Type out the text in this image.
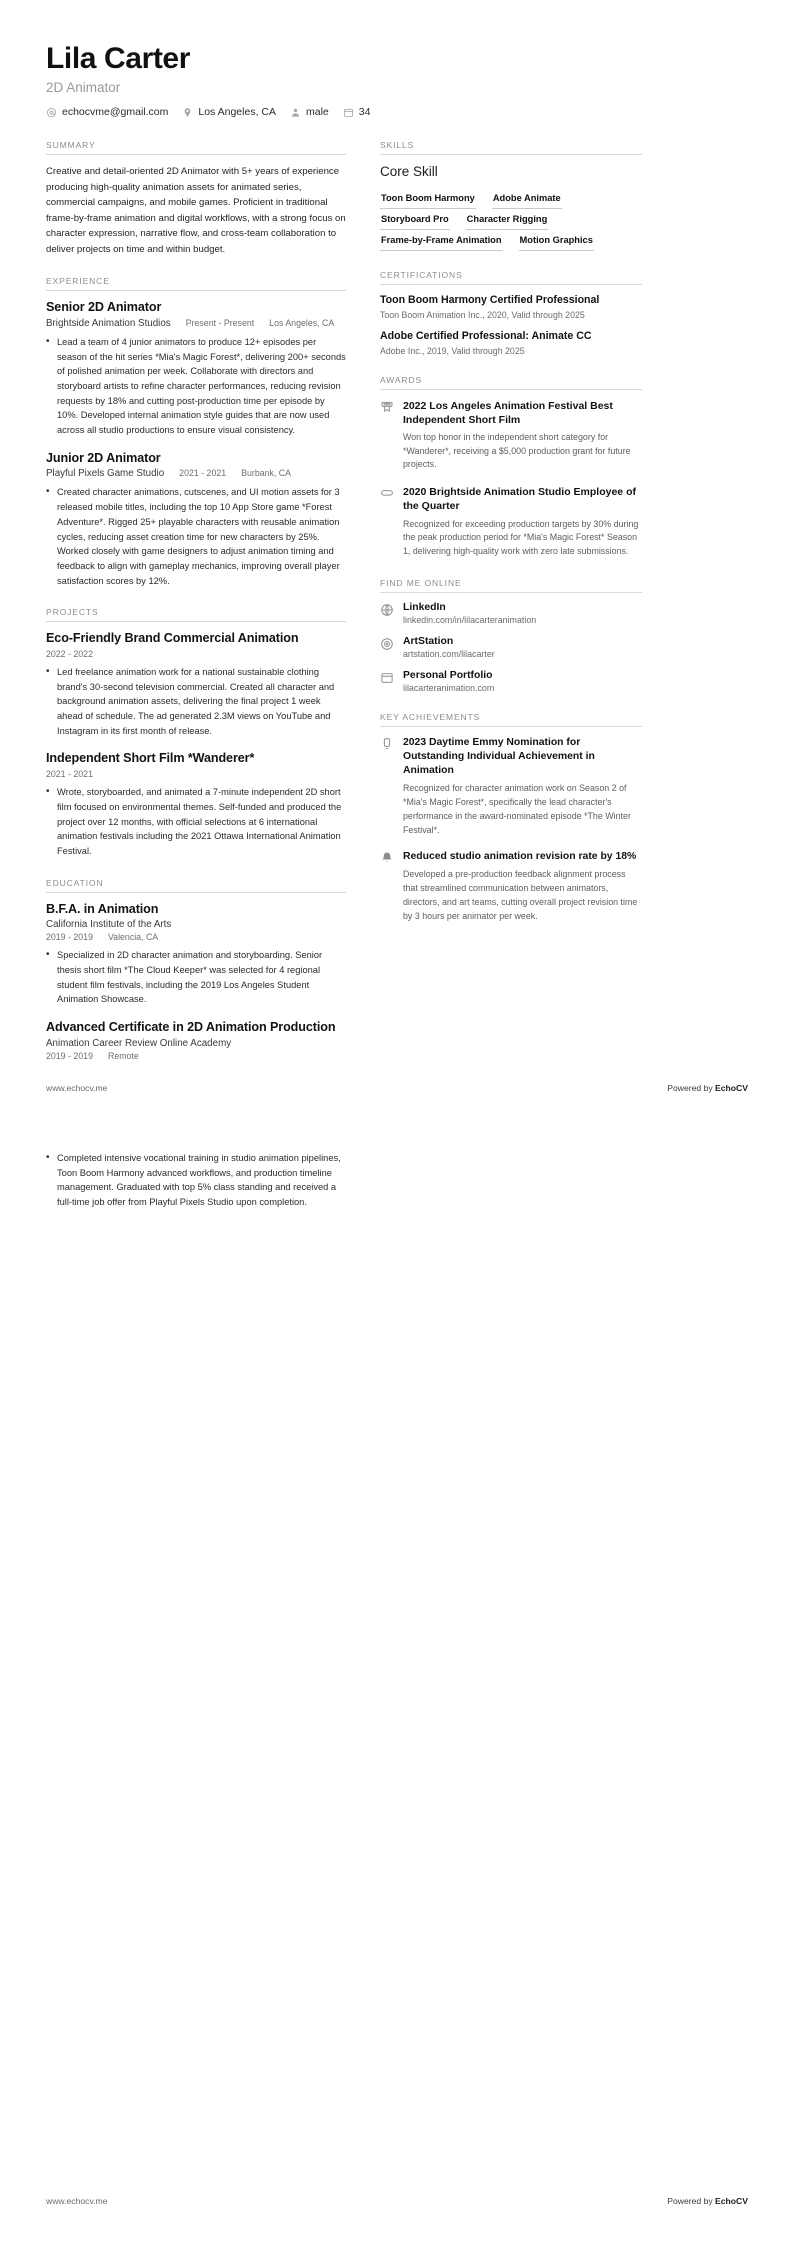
Lila Carter
2D Animator
echocvme@gmail.com	Los Angeles, CA	male	34
SUMMARY
Creative and detail-oriented 2D Animator with 5+ years of experience producing high-quality animation assets for animated series, commercial campaigns, and mobile games. Proficient in traditional frame-by-frame animation and digital workflows, with a strong focus on character expression, narrative flow, and cross-team collaboration to deliver projects on time and within budget.
EXPERIENCE
Senior 2D Animator
Brightside Animation Studios Present - Present Los Angeles, CA
• Lead a team of 4 junior animators to produce 12+ episodes per season of the hit series *Mia's Magic Forest*, delivering 200+ seconds of polished animation per week. Collaborate with directors and storyboard artists to refine character performances, reducing revision requests by 18% and cutting post-production time per episode by 10%. Developed internal animation style guides that are now used across all studio productions to ensure visual consistency.
Junior 2D Animator
Playful Pixels Game Studio 2021 - 2021 Burbank, CA
• Created character animations, cutscenes, and UI motion assets for 3 released mobile titles, including the top 10 App Store game *Forest Adventure*. Rigged 25+ playable characters with reusable animation cycles, reducing asset creation time for new characters by 25%. Worked closely with game designers to adjust animation timing and feedback to align with gameplay mechanics, improving overall player satisfaction scores by 12%.
PROJECTS
Eco-Friendly Brand Commercial Animation
2022 - 2022
• Led freelance animation work for a national sustainable clothing brand's 30-second television commercial. Created all character and background animation assets, delivering the final project 1 week ahead of schedule. The ad generated 2.3M views on YouTube and Instagram in its first month of release.
Independent Short Film *Wanderer*
2021 - 2021
• Wrote, storyboarded, and animated a 7-minute independent 2D short film focused on environmental themes. Self-funded and produced the project over 12 months, with official selections at 6 international animation festivals including the 2021 Ottawa International Animation Festival.
EDUCATION
B.F.A. in Animation
California Institute of the Arts
2019 - 2019 Valencia, CA
• Specialized in 2D character animation and storyboarding. Senior thesis short film *The Cloud Keeper* was selected for 4 regional student film festivals, including the 2019 Los Angeles Student Animation Showcase.
Advanced Certificate in 2D Animation Production
Animation Career Review Online Academy
2019 - 2019 Remote
SKILLS
Core Skill
Toon Boom Harmony Adobe Animate
Storyboard Pro Character Rigging
Frame-by-Frame Animation Motion Graphics
CERTIFICATIONS
Toon Boom Harmony Certified Professional
Toon Boom Animation Inc., 2020, Valid through 2025
Adobe Certified Professional: Animate CC
Adobe Inc., 2019, Valid through 2025
AWARDS
2022 Los Angeles Animation Festival Best Independent Short Film
Won top honor in the independent short category for *Wanderer*, receiving a $5,000 production grant for future projects.
2020 Brightside Animation Studio Employee of the Quarter
Recognized for exceeding production targets by 30% during the peak production period for *Mia's Magic Forest* Season 1, delivering high-quality work with zero late submissions.
FIND ME ONLINE
LinkedIn
linkedin.com/in/lilacarteranimation
ArtStation
artstation.com/lilacarter
Personal Portfolio
lilacarteranimation.com
KEY ACHIEVEMENTS
2023 Daytime Emmy Nomination for Outstanding Individual Achievement in Animation
Recognized for character animation work on Season 2 of *Mia's Magic Forest*, specifically the lead character's performance in the award-nominated episode *The Winter Festival*.
Reduced studio animation revision rate by 18%
Developed a pre-production feedback alignment process that streamlined communication between animators, directors, and art teams, cutting overall project revision time by 3 hours per animator per week.
www.echocv.me	Powered by EchoCV
• Completed intensive vocational training in studio animation pipelines, Toon Boom Harmony advanced workflows, and production timeline management. Graduated with top 5% class standing and received a full-time job offer from Playful Pixels Studio upon completion.
www.echocv.me	Powered by EchoCV
